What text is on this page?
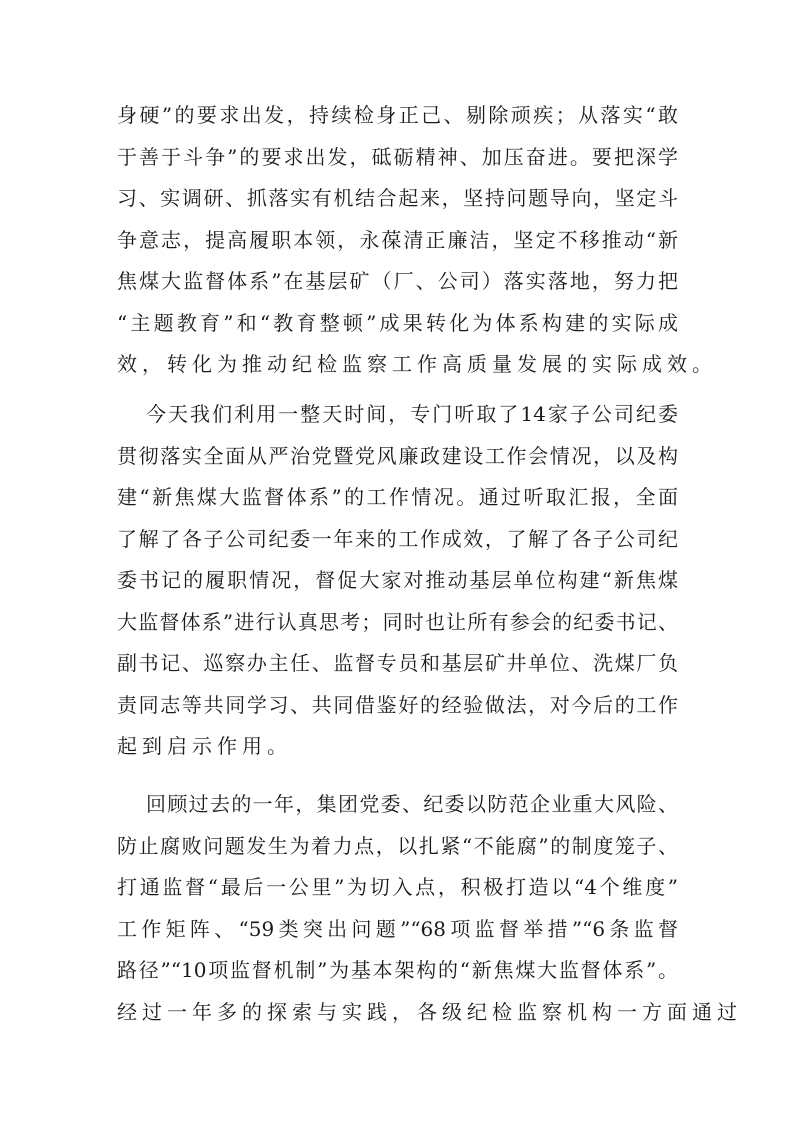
身硬”的要求出发，持续检身正己、剔除顽疾；从落实“敢
于善于斗争”的要求出发，砥砺精神、加压奋进。要把深学
习、实调研、抓落实有机结合起来，坚持问题导向，坚定斗
争意志，提高履职本领，永葆清正廉洁，坚定不移推动“新
焦煤大监督体系”在基层矿（厂、公司）落实落地，努力把
“主题教育”和“教育整顿”成果转化为体系构建的实际成
效，转化为推动纪检监察工作高质量发展的实际成效。
今天我们利用一整天时间，专门听取了14家子公司纪委
贯彻落实全面从严治党暨党风廉政建设工作会情况，以及构
建“新焦煤大监督体系”的工作情况。通过听取汇报，全面
了解了各子公司纪委一年来的工作成效，了解了各子公司纪
委书记的履职情况，督促大家对推动基层单位构建“新焦煤
大监督体系”进行认真思考；同时也让所有参会的纪委书记、
副书记、巡察办主任、监督专员和基层矿井单位、洗煤厂负
责同志等共同学习、共同借鉴好的经验做法，对今后的工作
起到启示作用。
回顾过去的一年，集团党委、纪委以防范企业重大风险、
防止腐败问题发生为着力点，以扎紧“不能腐”的制度笼子、
打通监督“最后一公里”为切入点，积极打造以“4个维度”
工作矩阵、“59类突出问题”“68项监督举措”“6条监督
路径”“10项监督机制”为基本架构的“新焦煤大监督体系”。
经过一年多的探索与实践，各级纪检监察机构一方面通过
